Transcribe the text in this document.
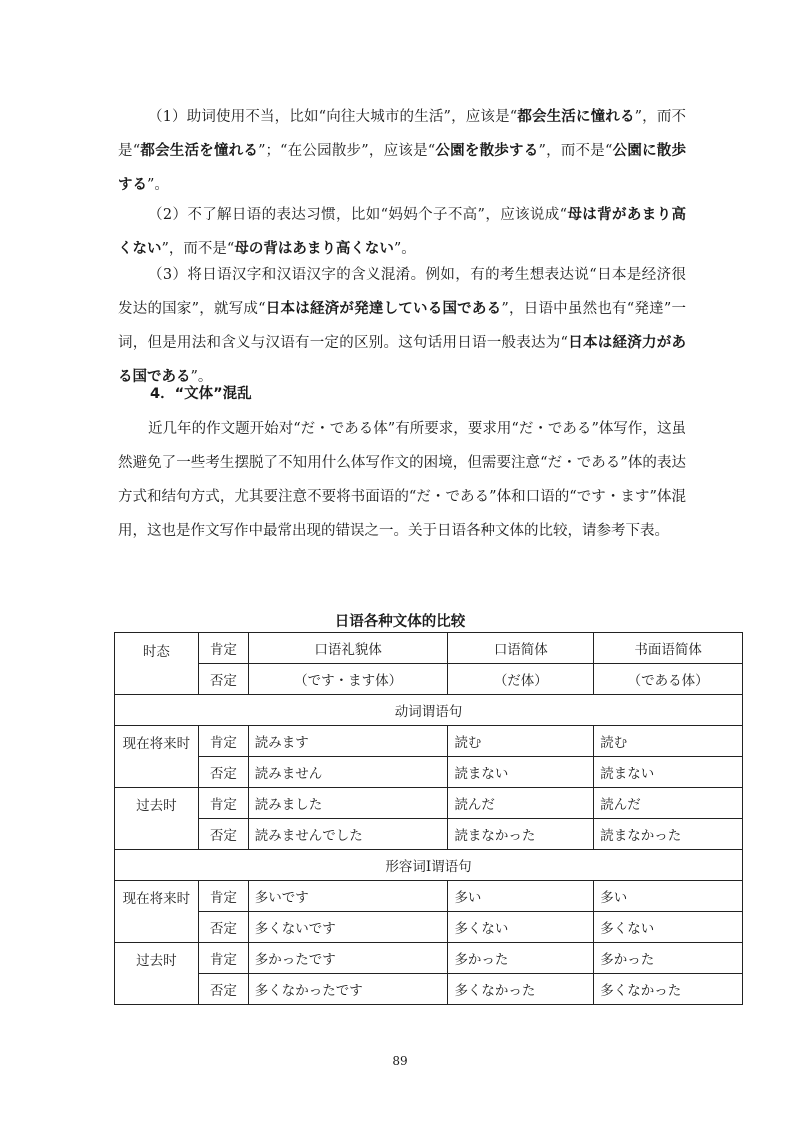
（1）助词使用不当，比如“向往大城市的生活”，应该是“都会生活に憧れる”，而不是“都会生活を憧れる”；“在公园散步”，应该是“公園を散歩する”，而不是“公園に散歩する”。

（2）不了解日语的表达习惯，比如“妈妈个子不高”，应该说成“母は背があまり高くない”，而不是“母の背はあまり高くない”。

（3）将日语汉字和汉语汉字的含义混淆。例如，有的考生想表达说“日本是经济很发达的国家”，就写成“日本は経済が発達している国である”，日语中虽然也有“発達”一词，但是用法和含义与汉语有一定的区别。这句话用日语一般表达为“日本は経済力がある国である”。

4．“文体”混乱

近几年的作文题开始对“だ・である体”有所要求，要求用“だ・である”体写作，这虽然避免了一些考生摆脱了不知用什么体写作文的困境，但需要注意“だ・である”体的表达方式和结句方式，尤其要注意不要将书面语的“だ・である”体和口语的“です・ます”体混用，这也是作文写作中最常出现的错误之一。关于日语各种文体的比较，请参考下表。

日语各种文体的比较
时态	肯定	口语礼貌体	口语简体	书面语简体
	否定	（です・ます体）	（だ体）	（である体）
动词谓语句				
现在将来时	肯定	読みます	読む	読む
	否定	読みません	読まない	読まない
过去时	肯定	読みました	読んだ	読んだ
	否定	読みませんでした	読まなかった	読まなかった
形容词Ⅰ谓语句				
现在将来时	肯定	多いです	多い	多い
	否定	多くないです	多くない	多くない
过去时	肯定	多かったです	多かった	多かった
	否定	多くなかったです	多くなかった	多くなかった
89
